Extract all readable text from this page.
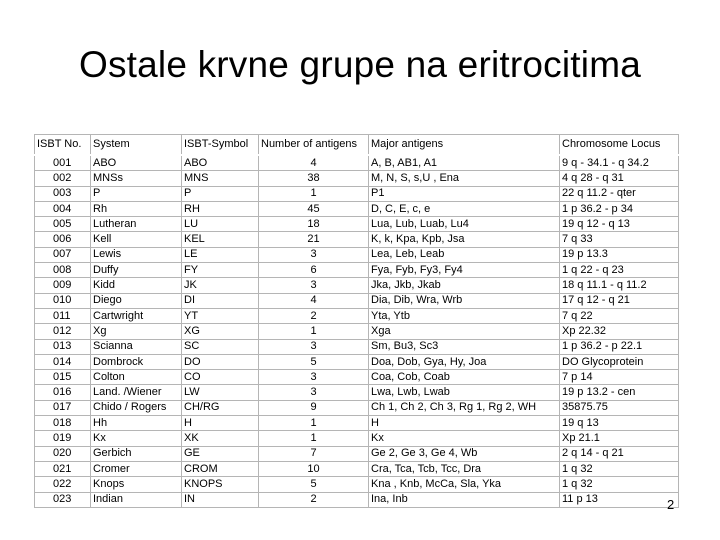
Ostale krvne grupe na eritrocitima
ISBT No.	System	ISBT-Symbol	Number of antigens	Major antigens	Chromosome Locus
001	ABO	ABO	4	A, B, AB1, A1	9 q - 34.1 - q 34.2
002	MNSs	MNS	38	M, N, S, s,U , Ena	4 q 28 - q 31
003	P	P	1	P1	22 q 11.2 - qter
004	Rh	RH	45	D, C, E, c, e	1 p 36.2 - p 34
005	Lutheran	LU	18	Lua, Lub, Luab, Lu4	19 q 12 - q 13
006	Kell	KEL	21	K, k, Kpa, Kpb, Jsa	7 q 33
007	Lewis	LE	3	Lea, Leb, Leab	19 p 13.3
008	Duffy	FY	6	Fya, Fyb, Fy3, Fy4	1 q 22 - q 23
009	Kidd	JK	3	Jka, Jkb, Jkab	18 q 11.1 - q 11.2
010	Diego	DI	4	Dia, Dib, Wra, Wrb	17 q 12 - q 21
011	Cartwright	YT	2	Yta, Ytb	7 q 22
012	Xg	XG	1	Xga	Xp 22.32
013	Scianna	SC	3	Sm, Bu3, Sc3	1 p 36.2 - p 22.1
014	Dombrock	DO	5	Doa, Dob, Gya, Hy, Joa	DO Glycoprotein
015	Colton	CO	3	Coa, Cob, Coab	7 p 14
016	Land. /Wiener	LW	3	Lwa, Lwb, Lwab	19 p 13.2 - cen
017	Chido / Rogers	CH/RG	9	Ch 1, Ch 2, Ch 3, Rg 1, Rg 2, WH	35875.75
018	Hh	H	1	H	19 q 13
019	Kx	XK	1	Kx	Xp 21.1
020	Gerbich	GE	7	Ge 2, Ge 3, Ge 4, Wb	2 q 14 - q 21
021	Cromer	CROM	10	Cra, Tca, Tcb, Tcc, Dra	1 q 32
022	Knops	KNOPS	5	Kna , Knb, McCa, Sla, Yka	1 q 32
023	Indian	IN	2	Ina, Inb	11 p 13	2
